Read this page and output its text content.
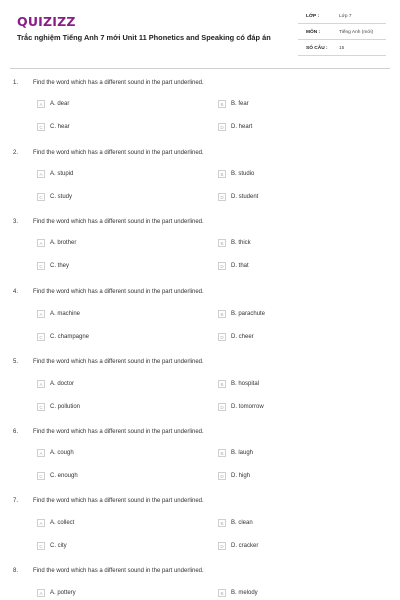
QUIZIZZ
Trắc nghiệm Tiếng Anh 7 mới Unit 11 Phonetics and Speaking có đáp án
LỚP :	Lớp 7
MÔN :	Tiếng Anh (mới)
SỐ CÂU : 15
1. Find the word which has a different sound in the part underlined.
A	A. dear	B	B. fear
C	C. hear	D	D. heart
2. Find the word which has a different sound in the part underlined.
A	A. stupid	B	B. studio
C	C. study	D	D. student
3. Find the word which has a different sound in the part underlined.
A	A. brother	B	B. thick
C	C. they	D	D. that
4. Find the word which has a different sound in the part underlined.
A	A. machine	B	B. parachute
C	C. champagne	D	D. cheer
5. Find the word which has a different sound in the part underlined.
A	A. doctor	B	B. hospital
C	C. pollution	D	D. tomorrow
6. Find the word which has a different sound in the part underlined.
A	A. cough	B	B. laugh
C	C. enough	D	D. high
7. Find the word which has a different sound in the part underlined.
A	A. collect	B	B. clean
C	C. city	D	D. cracker
8. Find the word which has a different sound in the part underlined.
A	A. pottery	B	B. melody
